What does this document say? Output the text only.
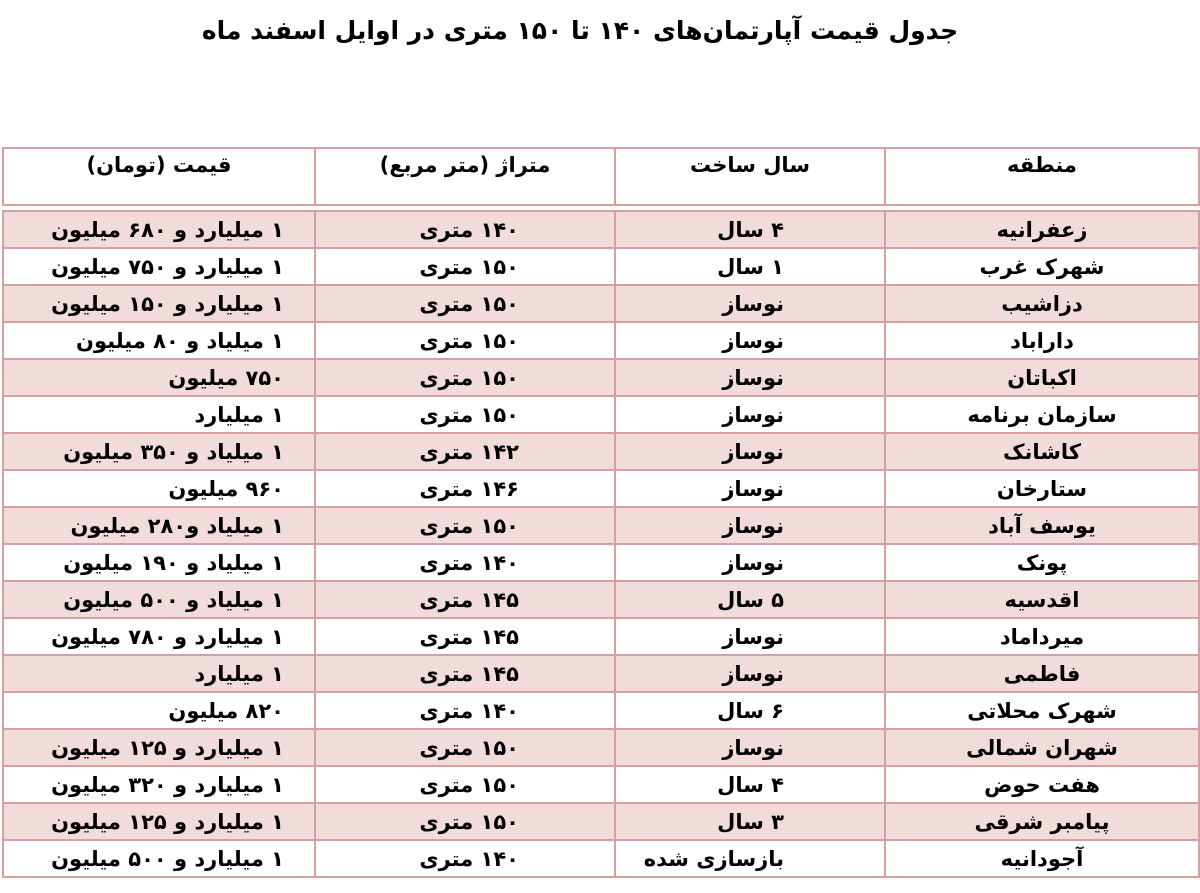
جدول قیمت آپارتمان‌های ۱۴۰ تا ۱۵۰ متری در اوایل اسفند ماه
منطقه	سال ساخت	متراژ (متر مربع)	قیمت (تومان)

زعفرانیه	۴ سال	۱۴۰ متری	۱ میلیارد و ۶۸۰ میلیون
شهرک غرب	۱ سال	۱۵۰ متری	۱ میلیارد و ۷۵۰ میلیون
دزاشیب	نوساز	۱۵۰ متری	۱ میلیارد و ۱۵۰ میلیون
داراباد	نوساز	۱۵۰ متری	۱ میلیاد و ۸۰ میلیون
اکباتان	نوساز	۱۵۰ متری	۷۵۰ میلیون
سازمان برنامه	نوساز	۱۵۰ متری	۱ میلیارد
کاشانک	نوساز	۱۴۲ متری	۱ میلیاد و ۳۵۰ میلیون
ستارخان	نوساز	۱۴۶ متری	۹۶۰ میلیون
یوسف آباد	نوساز	۱۵۰ متری	۱ میلیاد و۲۸۰ میلیون
پونک	نوساز	۱۴۰ متری	۱ میلیاد و ۱۹۰ میلیون
اقدسیه	۵ سال	۱۴۵ متری	۱ میلیاد و ۵۰۰ میلیون
میرداماد	نوساز	۱۴۵ متری	۱ میلیارد و ۷۸۰ میلیون
فاطمی	نوساز	۱۴۵ متری	۱ میلیارد
شهرک محلاتی	۶ سال	۱۴۰ متری	۸۲۰ میلیون
شهران شمالی	نوساز	۱۵۰ متری	۱ میلیارد و ۱۲۵ میلیون
هفت حوض	۴ سال	۱۵۰ متری	۱ میلیارد و ۳۲۰ میلیون
پیامبر شرقی	۳ سال	۱۵۰ متری	۱ میلیارد و ۱۲۵ میلیون
آجودانیه	بازسازی شده	۱۴۰ متری	۱ میلیارد و ۵۰۰ میلیون
